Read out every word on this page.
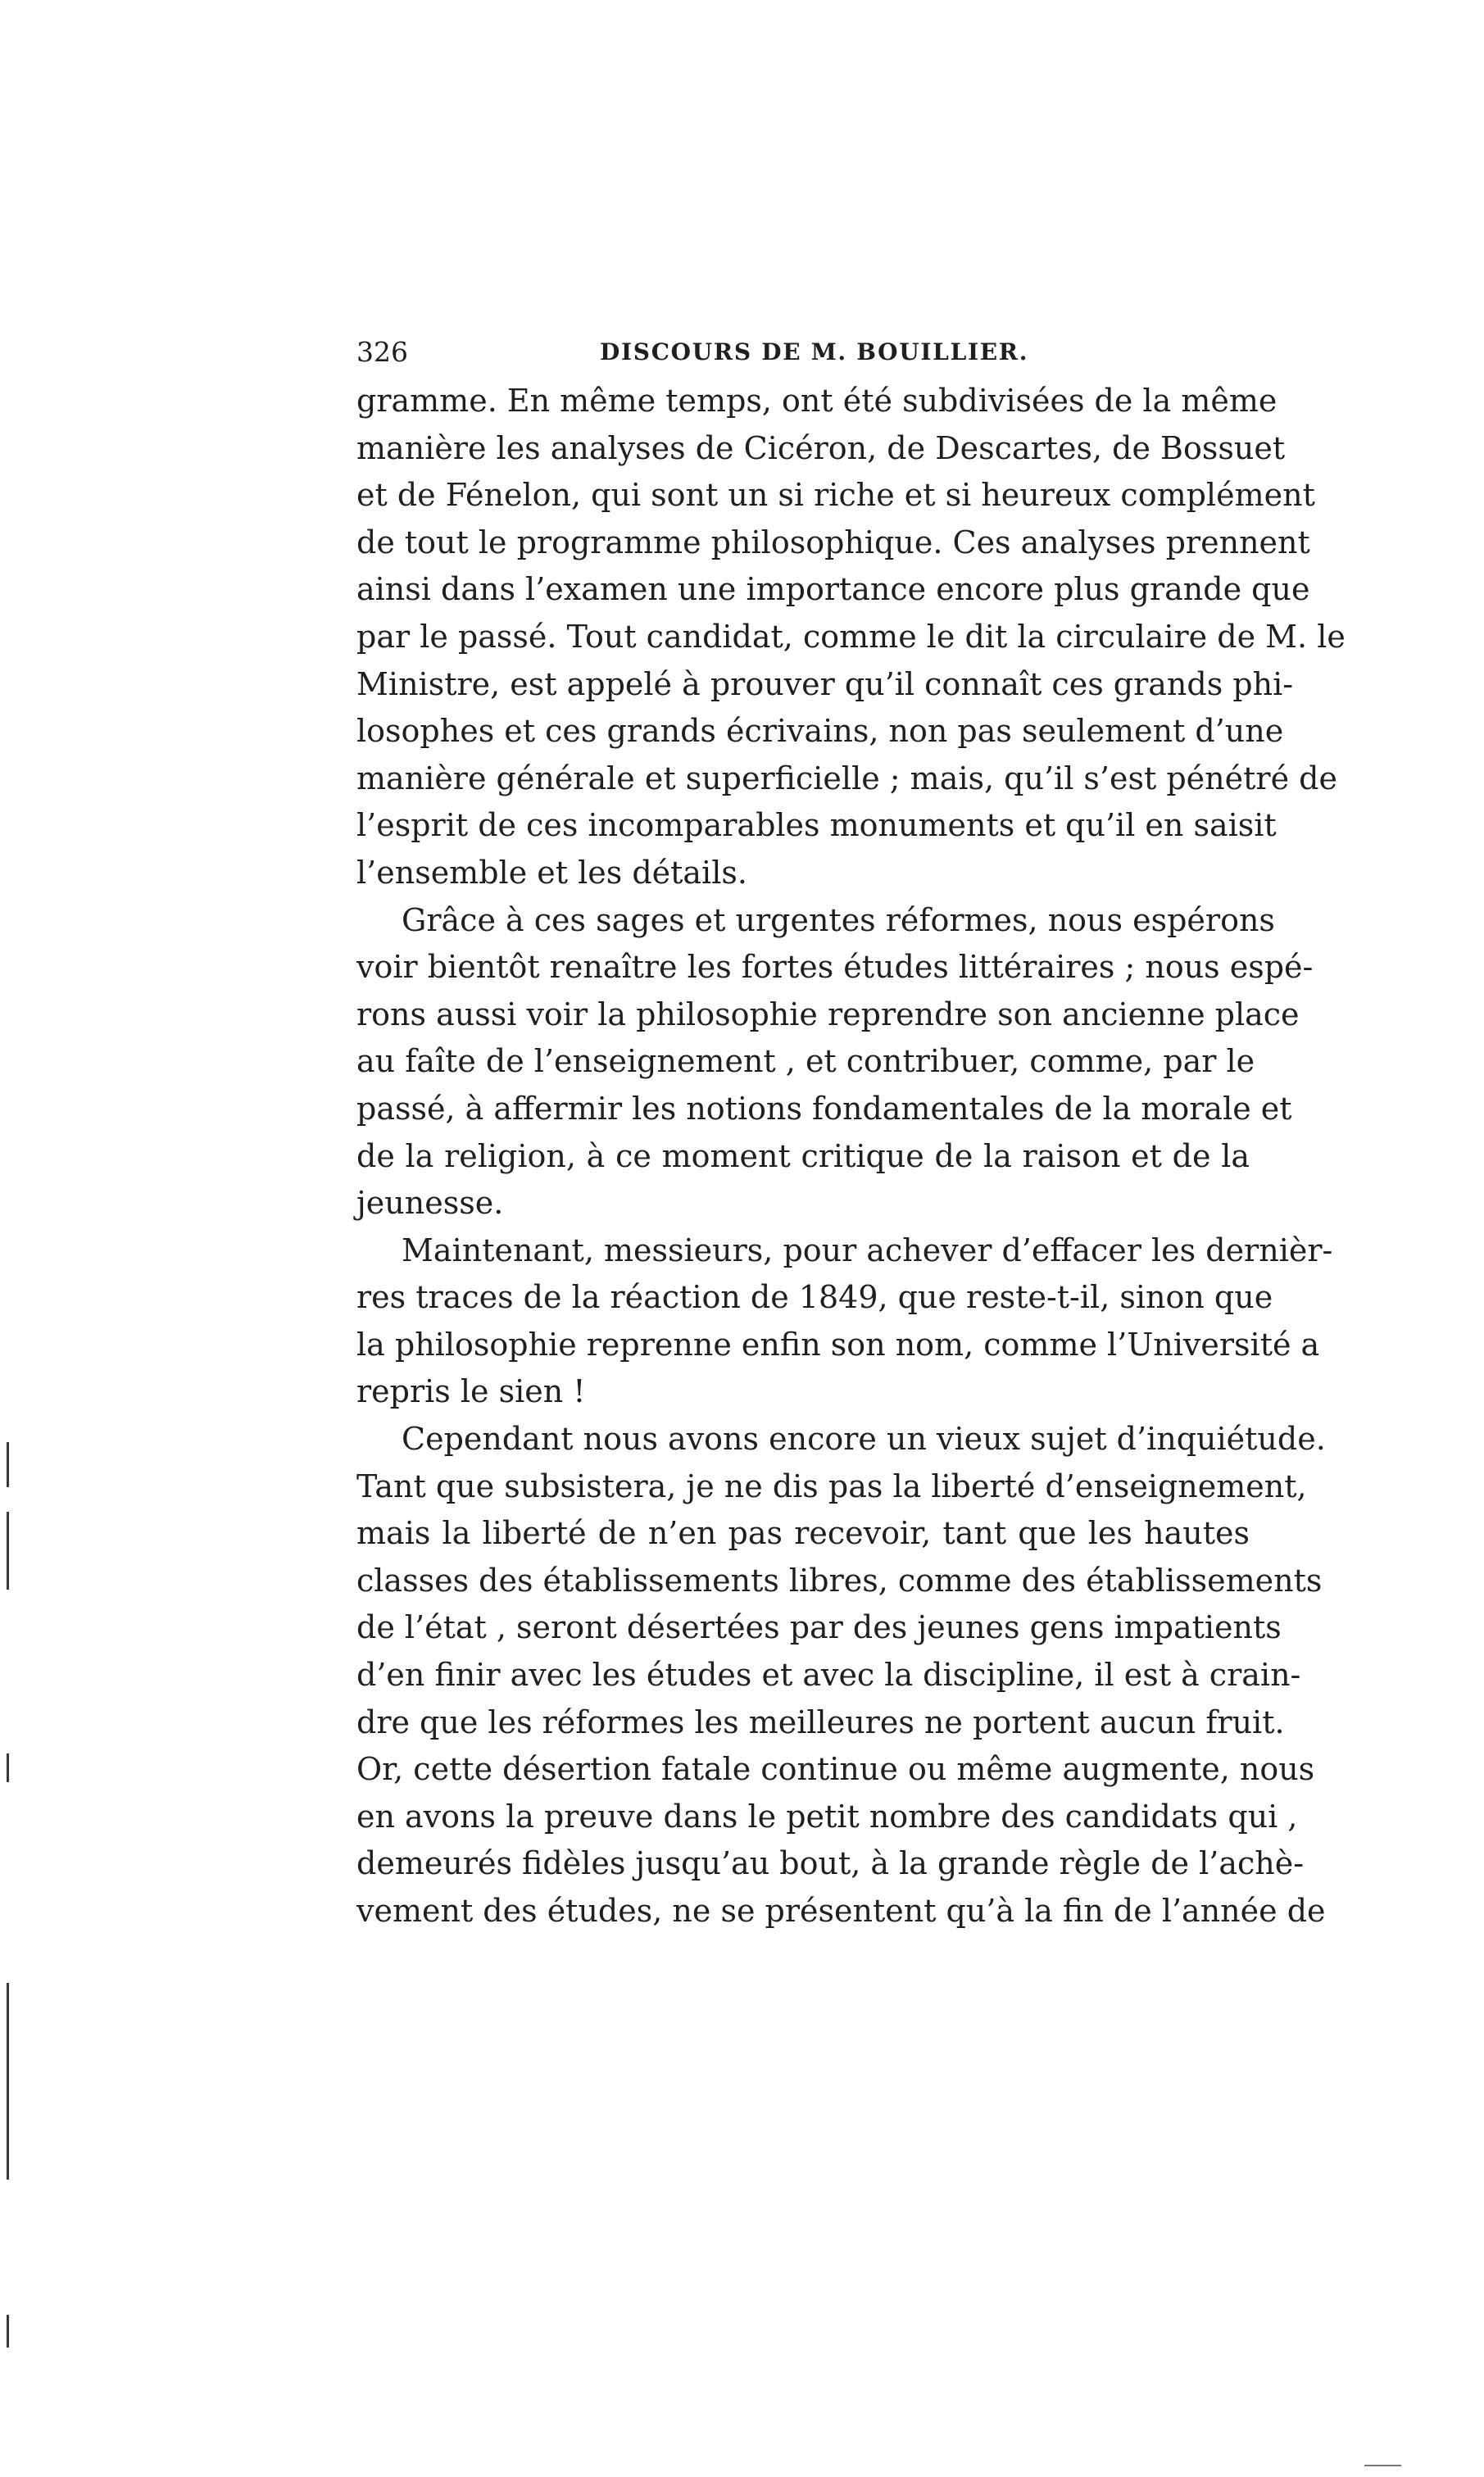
326	DISCOURS DE M. BOUILLIER.
gramme. En même temps, ont été subdivisées de la même
manière les analyses de Cicéron, de Descartes, de Bossuet
et de Fénelon, qui sont un si riche et si heureux complément
de tout le programme philosophique. Ces analyses prennent
ainsi dans l’examen une importance encore plus grande que
par le passé. Tout candidat, comme le dit la circulaire de M. le
Ministre, est appelé à prouver qu’il connaît ces grands phi-
losophes et ces grands écrivains, non pas seulement d’une
manière générale et superficielle ; mais, qu’il s’est pénétré de
l’esprit de ces incomparables monuments et qu’il en saisit
l’ensemble et les détails.
Grâce à ces sages et urgentes réformes, nous espérons
voir bientôt renaître les fortes études littéraires ; nous espé-
rons aussi voir la philosophie reprendre son ancienne place
au faîte de l’enseignement , et contribuer, comme, par le
passé, à affermir les notions fondamentales de la morale et
de la religion, à ce moment critique de la raison et de la
jeunesse.
Maintenant, messieurs, pour achever d’effacer les dernièr-
res traces de la réaction de 1849, que reste-t-il, sinon que
la philosophie reprenne enfin son nom, comme l’Université a
repris le sien !
Cependant nous avons encore un vieux sujet d’inquiétude.
Tant que subsistera, je ne dis pas la liberté d’enseignement,
mais la liberté de n’en pas recevoir, tant que les hautes
classes des établissements libres, comme des établissements
de l’état , seront désertées par des jeunes gens impatients
d’en finir avec les études et avec la discipline, il est à crain-
dre que les réformes les meilleures ne portent aucun fruit.
Or, cette désertion fatale continue ou même augmente, nous
en avons la preuve dans le petit nombre des candidats qui ,
demeurés fidèles jusqu’au bout, à la grande règle de l’achè-
vement des études, ne se présentent qu’à la fin de l’année de
